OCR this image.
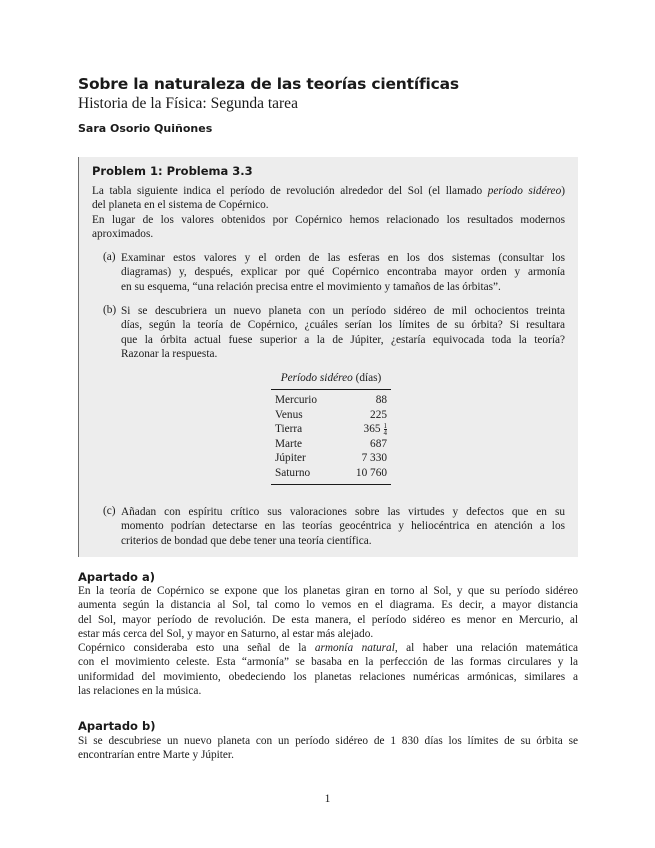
Sobre la naturaleza de las teorías científicas
Historia de la Física: Segunda tarea
Sara Osorio Quiñones
Problem 1: Problema 3.3
La tabla siguiente indica el período de revolución alrededor del Sol (el llamado período sidéreo)
del planeta en el sistema de Copérnico.
En lugar de los valores obtenidos por Copérnico hemos relacionado los resultados modernos
aproximados.
(a) Examinar estos valores y el orden de las esferas en los dos sistemas (consultar los
diagramas) y, después, explicar por qué Copérnico encontraba mayor orden y armonía
en su esquema, “una relación precisa entre el movimiento y tamaños de las órbitas”.
(b) Si se descubriera un nuevo planeta con un período sidéreo de mil ochocientos treinta
días, según la teoría de Copérnico, ¿cuáles serían los límites de su órbita? Si resultara
que la órbita actual fuese superior a la de Júpiter, ¿estaría equivocada toda la teoría?
Razonar la respuesta.
Período sidéreo (días)
Mercurio	88
Venus	225
Tierra	$365 \frac{1}{4}$
Marte	687
Júpiter	7 330
Saturno	10 760
(c) Añadan con espíritu crítico sus valoraciones sobre las virtudes y defectos que en su
momento podrían detectarse en las teorías geocéntrica y heliocéntrica en atención a los
criterios de bondad que debe tener una teoría científica.
Apartado a)
En la teoría de Copérnico se expone que los planetas giran en torno al Sol, y que su período sidéreo
aumenta según la distancia al Sol, tal como lo vemos en el diagrama. Es decir, a mayor distancia
del Sol, mayor período de revolución. De esta manera, el período sidéreo es menor en Mercurio, al
estar más cerca del Sol, y mayor en Saturno, al estar más alejado.
Copérnico consideraba esto una señal de la armonía natural, al haber una relación matemática
con el movimiento celeste. Esta “armonía” se basaba en la perfección de las formas circulares y la
uniformidad del movimiento, obedeciendo los planetas relaciones numéricas armónicas, similares a
las relaciones en la música.
Apartado b)
Si se descubriese un nuevo planeta con un período sidéreo de 1 830 días los límites de su órbita se
encontrarían entre Marte y Júpiter.
1
